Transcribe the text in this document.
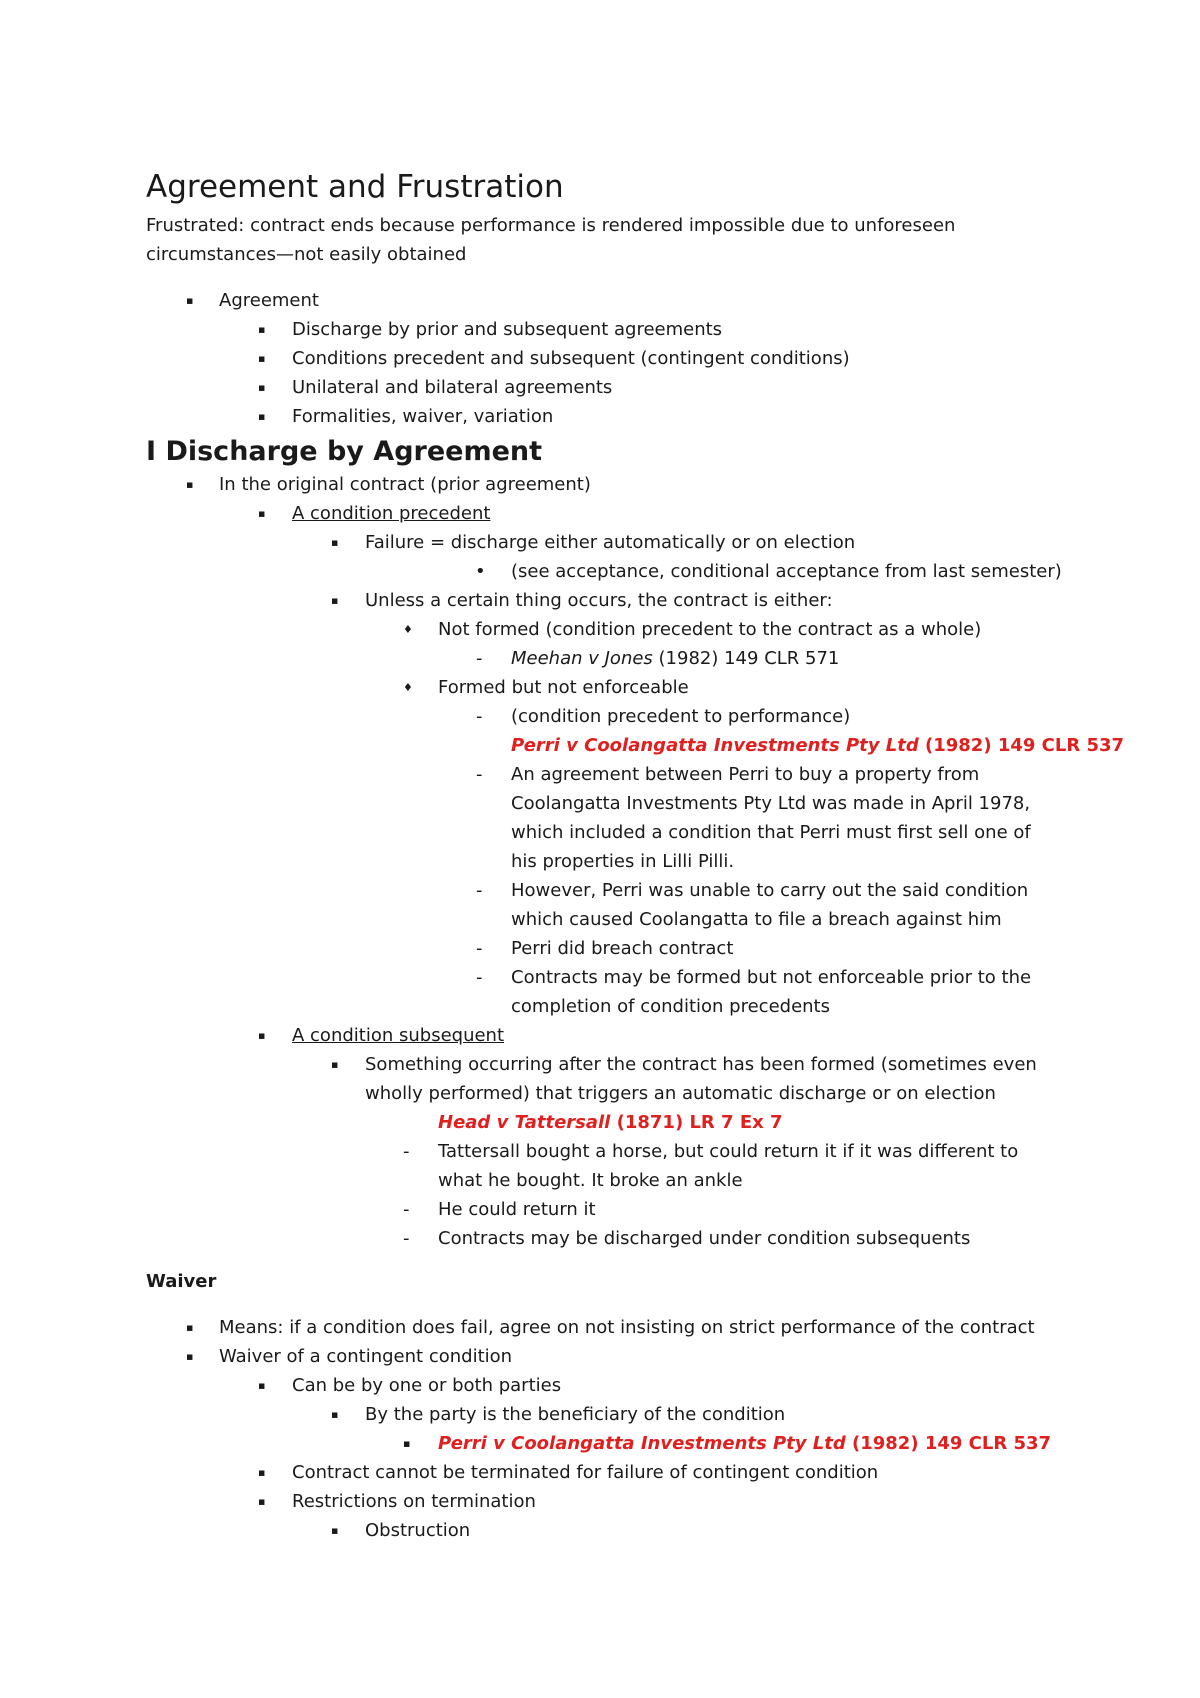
Agreement and Frustration
Frustrated: contract ends because performance is rendered impossible due to unforeseen
circumstances—not easily obtained
▪ Agreement
▪ Discharge by prior and subsequent agreements
▪ Conditions precedent and subsequent (contingent conditions)
▪ Unilateral and bilateral agreements
▪ Formalities, waiver, variation
I Discharge by Agreement
▪ In the original contract (prior agreement)
▪ A condition precedent
▪ Failure = discharge either automatically or on election
• (see acceptance, conditional acceptance from last semester)
▪ Unless a certain thing occurs, the contract is either:
♦ Not formed (condition precedent to the contract as a whole)
- Meehan v Jones (1982) 149 CLR 571
♦ Formed but not enforceable
- (condition precedent to performance)
Perri v Coolangatta Investments Pty Ltd (1982) 149 CLR 537
- An agreement between Perri to buy a property from
Coolangatta Investments Pty Ltd was made in April 1978,
which included a condition that Perri must first sell one of
his properties in Lilli Pilli.
- However, Perri was unable to carry out the said condition
which caused Coolangatta to file a breach against him
- Perri did breach contract
- Contracts may be formed but not enforceable prior to the
completion of condition precedents
▪ A condition subsequent
▪ Something occurring after the contract has been formed (sometimes even
wholly performed) that triggers an automatic discharge or on election
Head v Tattersall (1871) LR 7 Ex 7
- Tattersall bought a horse, but could return it if it was different to
what he bought. It broke an ankle
- He could return it
- Contracts may be discharged under condition subsequents
Waiver
▪ Means: if a condition does fail, agree on not insisting on strict performance of the contract
▪ Waiver of a contingent condition
▪ Can be by one or both parties
▪ By the party is the beneficiary of the condition
▪ Perri v Coolangatta Investments Pty Ltd (1982) 149 CLR 537
▪ Contract cannot be terminated for failure of contingent condition
▪ Restrictions on termination
▪ Obstruction
